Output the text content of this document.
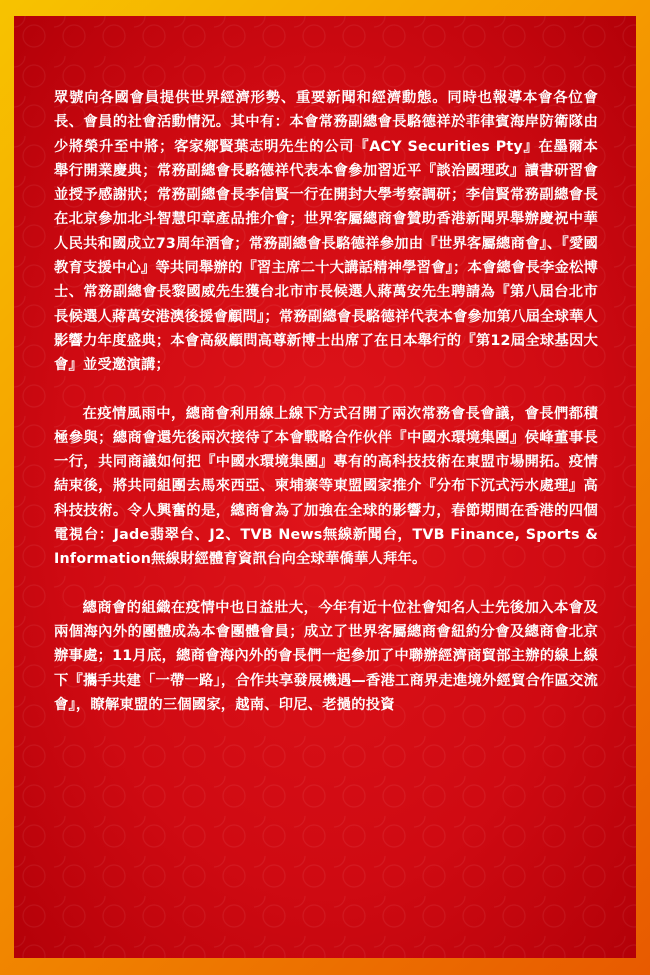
眾號向各國會員提供世界經濟形勢、重要新聞和經濟動態。同時也報導本會各位會長、會員的社會活動情況。其中有：本會常務副總會長駱德祥於菲律賓海岸防衛隊由少將榮升至中將；客家鄉賢葉志明先生的公司『ACY Securities Pty』在墨爾本舉行開業慶典；常務副總會長駱德祥代表本會參加習近平『談治國理政』讀書研習會並授予感謝狀；常務副總會長李信賢一行在開封大學考察調研；李信賢常務副總會長在北京參加北斗智慧印章產品推介會；世界客屬總商會贊助香港新聞界舉辦慶祝中華人民共和國成立73周年酒會；常務副總會長駱德祥參加由『世界客屬總商會』、『愛國教育支援中心』等共同舉辦的『習主席二十大講話精神學習會』；本會總會長李金松博士、常務副總會長黎國威先生獲台北市市長候選人蔣萬安先生聘請為『第八屆台北市長候選人蔣萬安港澳後援會顧問』；常務副總會長駱德祥代表本會參加第八屆全球華人影響力年度盛典；本會高級顧問高尊新博士出席了在日本舉行的『第12屆全球基因大會』並受邀演講；

在疫情風雨中，總商會利用線上線下方式召開了兩次常務會長會議，會長們都積極參與；總商會還先後兩次接待了本會戰略合作伙伴『中國水環境集團』侯峰董事長一行，共同商議如何把『中國水環境集團』專有的高科技技術在東盟市場開拓。疫情結束後，將共同組團去馬來西亞、柬埔寨等東盟國家推介『分布下沉式污水處理』高科技技術。令人興奮的是，總商會為了加強在全球的影響力，春節期間在香港的四個電視台：Jade翡翠台、J2、TVB News無線新聞台，TVB Finance, Sports & Information無線財經體育資訊台向全球華僑華人拜年。

總商會的組織在疫情中也日益壯大，今年有近十位社會知名人士先後加入本會及兩個海內外的團體成為本會團體會員；成立了世界客屬總商會紐約分會及總商會北京辦事處；11月底，總商會海內外的會長們一起參加了中聯辦經濟商貿部主辦的線上線下『攜手共建「一帶一路」，合作共享發展機遇—香港工商界走進境外經貿合作區交流會』，瞭解東盟的三個國家，越南、印尼、老撾的投資
